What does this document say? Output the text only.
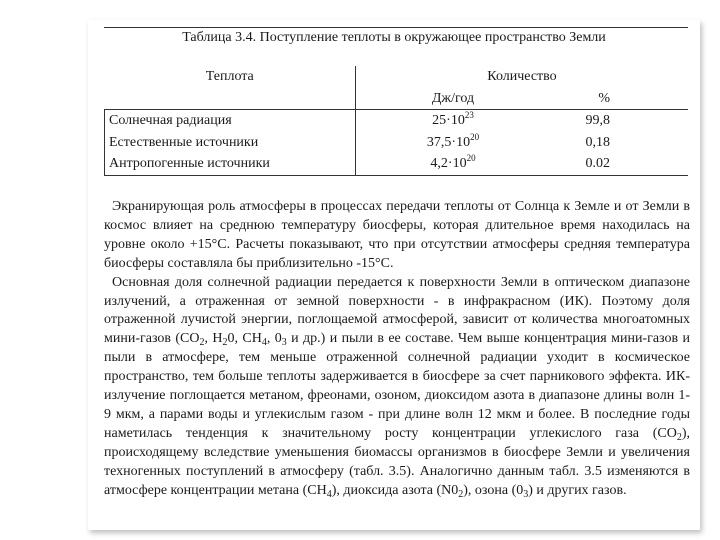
Таблица 3.4. Поступление теплоты в окружающее пространство Земли
Теплота	Количество	
	Дж/год	%
Солнечная радиация	$25\cdot 10^{23}$	99,8
Естественные источники	$37,5\cdot 10^{20}$	0,18
Антропогенные источники	$4,2\cdot 10^{20}$	0.02

Экранирующая роль атмосферы в процессах передачи теплоты от Солнца к Земле и от Земли в космос влияет на среднюю температуру биосферы, которая длительное время находилась на уровне около +15°С. Расчеты показывают, что при отсутствии атмосферы средняя температура биосферы составляла бы приблизительно -15°С.

Основная доля солнечной радиации передается к поверхности Земли в оптическом диапазоне излучений, а отраженная от земной поверхности - в инфракрасном (ИК). Поэтому доля отраженной лучистой энергии, поглощаемой атмосферой, зависит от количества многоатомных мини-газов ($СО_2$, $Н_20$, $СН_4$, $0_3$ и др.) и пыли в ее составе. Чем выше концентрация мини-газов и пыли в атмосфере, тем меньше отраженной солнечной радиации уходит в космическое пространство, тем больше теплоты задерживается в биосфере за счет парникового эффекта. ИК-излучение поглощается метаном, фреонами, озоном, диоксидом азота в диапазоне длины волн 1-9 мкм, а парами воды и углекислым газом - при длине волн 12 мкм и более. В последние годы наметилась тенденция к значительному росту концентрации углекислого газа $(СО_2)$, происходящему вследствие уменьшения биомассы организмов в биосфере Земли и увеличения техногенных поступлений в атмосферу (табл. 3.5). Аналогично данным табл. 3.5 изменяются в атмосфере концентрации метана $(СН_4)$, диоксида азота $(N0_2)$, озона $(0_3)$ и других газов.
